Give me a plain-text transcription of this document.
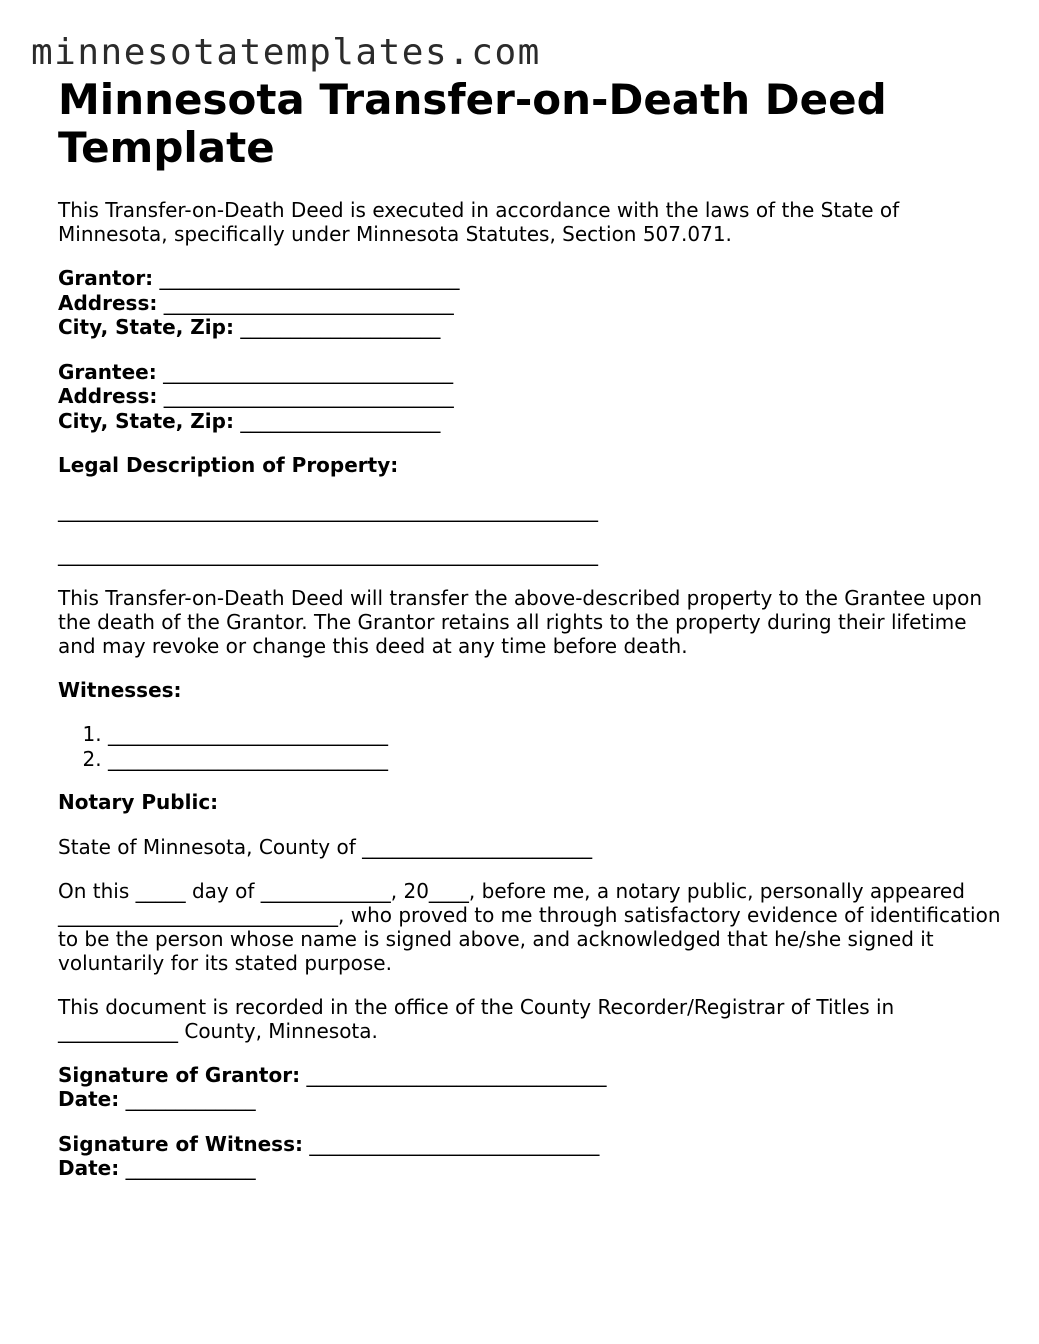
minnesotatemplates.com
Minnesota Transfer-on-Death Deed Template

This Transfer-on-Death Deed is executed in accordance with the laws of the State of Minnesota, specifically under Minnesota Statutes, Section 507.071.

Grantor: ______________________________
Address: _____________________________
City, State, Zip: ____________________
Grantee: _____________________________
Address: _____________________________
City, State, Zip: ____________________
Legal Description of Property:
______________________________________________________
______________________________________________________

This Transfer-on-Death Deed will transfer the above-described property to the Grantee upon the death of the Grantor. The Grantor retains all rights to the property during their lifetime and may revoke or change this deed at any time before death.

Witnesses:
1. ____________________________
2. ____________________________
Notary Public:

State of Minnesota, County of _______________________

On this _____ day of _____________, 20____, before me, a notary public, personally appeared ____________________________, who proved to me through satisfactory evidence of identification to be the person whose name is signed above, and acknowledged that he/she signed it voluntarily for its stated purpose.

This document is recorded in the office of the County Recorder/Registrar of Titles in ____________ County, Minnesota.

Signature of Grantor: ______________________________
Date: _____________
Signature of Witness: _____________________________
Date: _____________
